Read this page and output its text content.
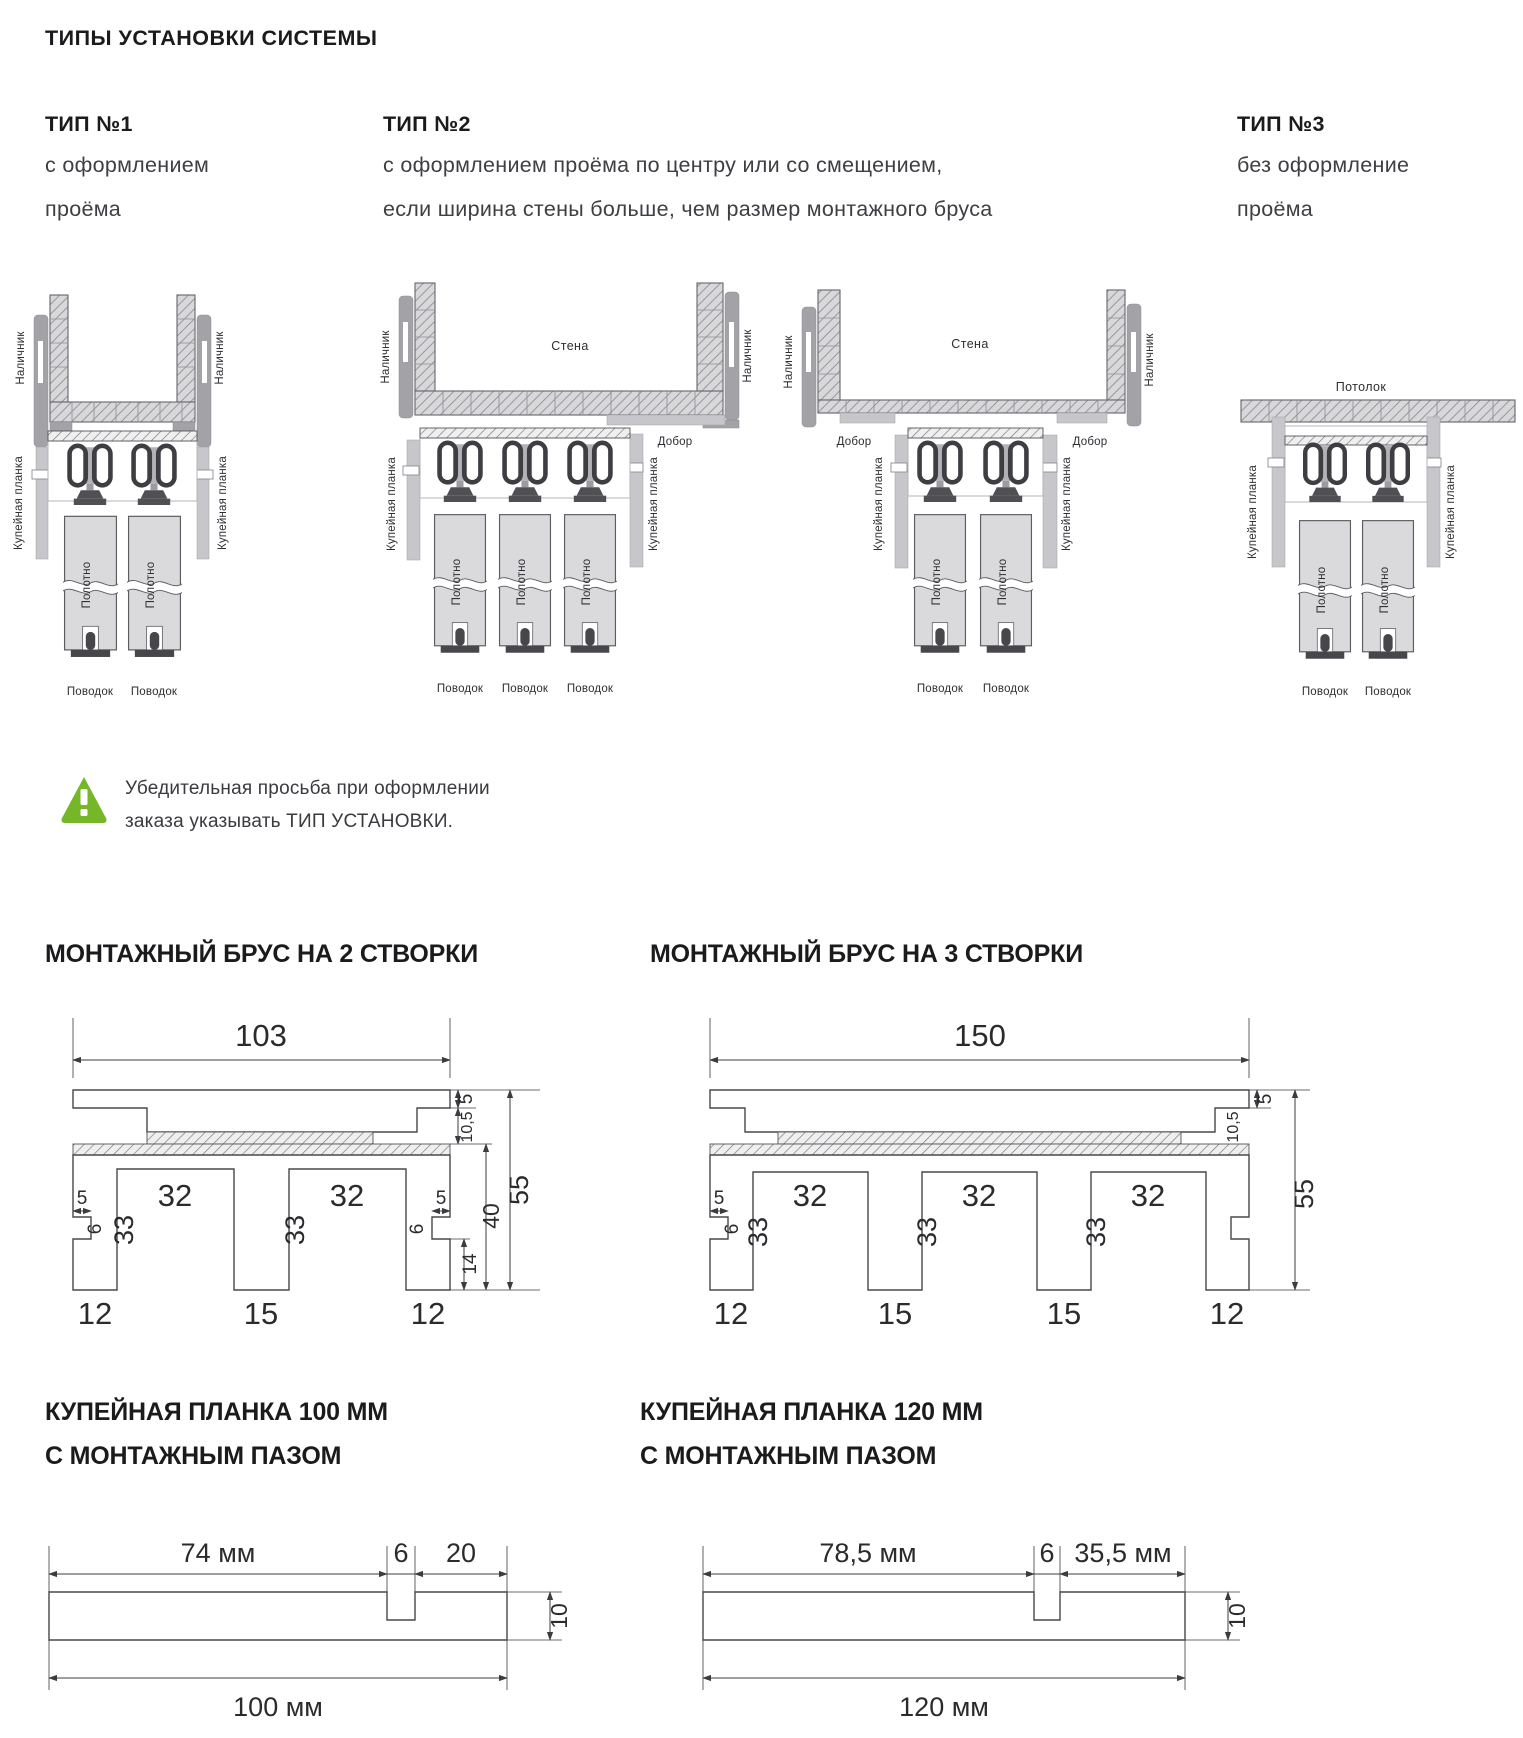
ТИПЫ УСТАНОВКИ СИСТЕМЫ
ТИП №1
с оформлением
проёма
ТИП №2
с оформлением проёма по центру или со смещением,
если ширина стены больше, чем размер монтажного бруса
ТИП №3
без оформление
проёма
Наличник	Наличник
Купейная планка	Купейная планка
Полотно	Полотно
Поводок Поводок
Стена
Наличник	Наличник
Добор
Купейная планка	Купейная планка
Полотно	Полотно	Полотно
Поводок Поводок Поводок
Стена
Наличник	Наличник
Добор	Добор
Купейная планка	Купейная планка
Полотно	Полотно
Поводок Поводок
Потолок
Купейная планка	Купейная планка
Полотно	Полотно
Поводок Поводок
Убедительная просьба при оформлении
заказа указывать ТИП УСТАНОВКИ.
МОНТАЖНЫЙ БРУС НА 2 СТВОРКИ	МОНТАЖНЫЙ БРУС НА 3 СТВОРКИ
103
5
10,5
55
40
14
5
6
5
6
32	32
33	33
12	15	12
150
5
10,5
55
5
6
32	32	32
33	33	33
12	15	15	12
КУПЕЙНАЯ ПЛАНКА 100 ММ
С МОНТАЖНЫМ ПАЗОМ
КУПЕЙНАЯ ПЛАНКА 120 ММ
С МОНТАЖНЫМ ПАЗОМ
74 мм	6 20
10
100 мм
78,5 мм	6 35,5 мм
10
120 мм
